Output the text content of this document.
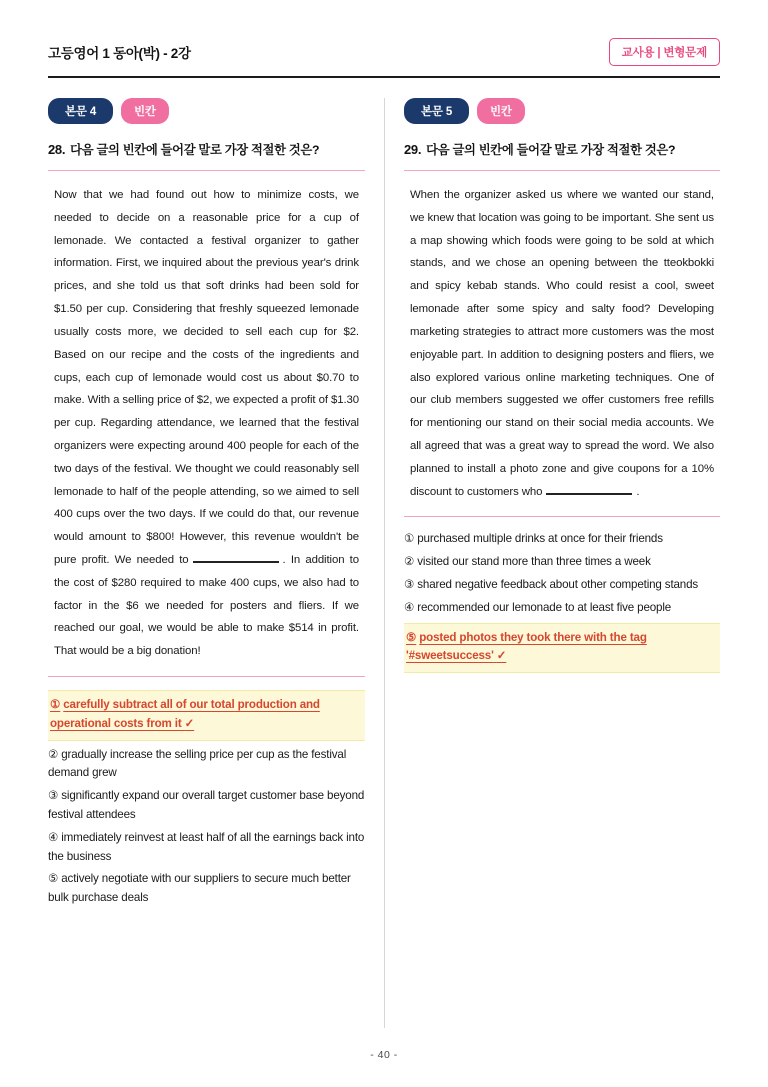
고등영어 1 동아(박) - 2강	교사용 | 변형문제
본문 4	빈칸
28. 다음 글의 빈칸에 들어갈 말로 가장 적절한 것은?
Now that we had found out how to minimize costs, we needed to decide on a reasonable price for a cup of lemonade. We contacted a festival organizer to gather information. First, we inquired about the previous year's drink prices, and she told us that soft drinks had been sold for $1.50 per cup. Considering that freshly squeezed lemonade usually costs more, we decided to sell each cup for $2. Based on our recipe and the costs of the ingredients and cups, each cup of lemonade would cost us about $0.70 to make. With a selling price of $2, we expected a profit of $1.30 per cup. Regarding attendance, we learned that the festival organizers were expecting around 400 people for each of the two days of the festival. We thought we could reasonably sell lemonade to half of the people attending, so we aimed to sell 400 cups over the two days. If we could do that, our revenue would amount to $800! However, this revenue wouldn't be pure profit. We needed to	. In addition to the cost of $280 required to make 400 cups, we also had to factor in the $6 we needed for posters and fliers. If we reached our goal, we would be able to make $514 in profit. That would be a big donation!
① carefully subtract all of our total production and operational costs from it ✓
② gradually increase the selling price per cup as the festival demand grew
③ significantly expand our overall target customer base beyond festival attendees
④ immediately reinvest at least half of all the earnings back into the business
⑤ actively negotiate with our suppliers to secure much better bulk purchase deals
본문 5	빈칸
29. 다음 글의 빈칸에 들어갈 말로 가장 적절한 것은?
When the organizer asked us where we wanted our stand, we knew that location was going to be important. She sent us a map showing which foods were going to be sold at which stands, and we chose an opening between the tteokbokki and spicy kebab stands. Who could resist a cool, sweet lemonade after some spicy and salty food? Developing marketing strategies to attract more customers was the most enjoyable part. In addition to designing posters and fliers, we also explored various online marketing techniques. One of our club members suggested we offer customers free refills for mentioning our stand on their social media accounts. We all agreed that was a great way to spread the word. We also planned to install a photo zone and give coupons for a 10% discount to customers who	.
① purchased multiple drinks at once for their friends
② visited our stand more than three times a week
③ shared negative feedback about other competing stands
④ recommended our lemonade to at least five people
⑤ posted photos they took there with the tag '#sweetsuccess' ✓
- 40 -
